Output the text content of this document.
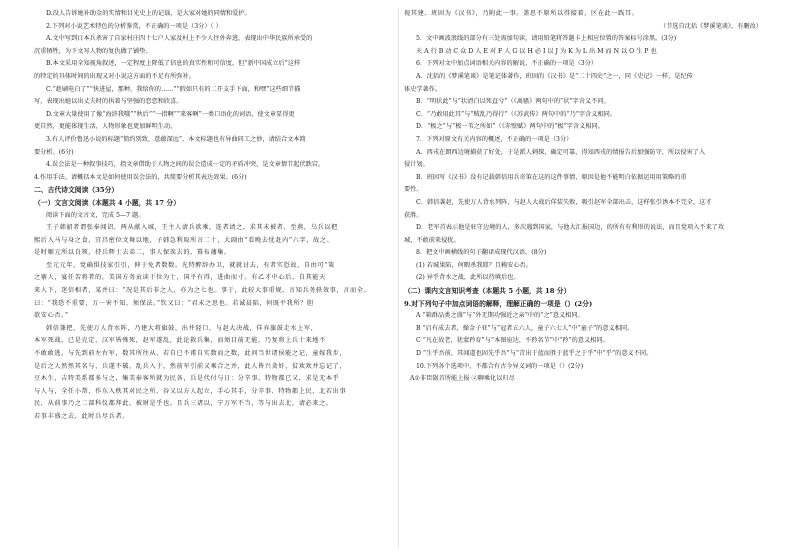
D.没人告诉她补助金的实情和目光史上的记载，是大家对她的同情和爱护。
2.下列对小说艺术特色的分析鉴赏，不正确的一项是（3分）（ ）
A.文中写到日本兵杀害了自家村庄四十七户人家及村上不少人往外奔逃，表现出中华民族所承受的
沉重牺牲，为下文写人物的复仇做了铺垫。
B.本文采用全知视角叙述，一定程度上降低了信息的真实性和可信度，但“新中国成立后”这样
的特定的具体时间的出现又对小说这方面的不足有所弥补。
C.“趁刷电白了”“快进屋，那种，我给你的……”“假如只有的二开支手下面，和嘿”这些细节描
写，表现出她以出丈夫时的执着与坚强的恋恋和欣喜。
D.文章大量使用了像“海浒我哦”“秋后”“一指啊”“来客啊”一类口语化的词语，使文章显得更
更自然，更能体现生活，人物形象也更加鲜明生动。
3.有人评价鲁迅小说的标题“简约别致，意蕴深远”，本文标题也有异曲同工之妙，请结合文本简
要分析。(6分)
4.误会法是一种叙事技巧，指文章借助于人物之间的误会造成一定的矛盾冲突，是文章情节起伏跌宕。
4.作用手法。请概括本文是如何使用误会法的，共简要分析其表达效果。(6分)
二、古代诗文阅读（35分）
（一）文言文阅读（本题共 4 小题，共 17 分）
阅读下面的文言文，完成 5—7 题。
王子韩韶者谓张奉闻诏，两从献入城，王主人请兵欲乘，连者请之，求其未被者，至燕，乌兵以把
熙后入马与身之食，宜昌密位文舞以地，子韩急利取所言二十，大副由“看晚去忧赶内”六字，故之。
是时顺元所以自领，持兵辉士去弟二，事人保诶去的，幕布藩集。
至元元年，党确惧技家引引，伸于免者数数。光特醉辞办卫，就就讨去，有者实恐故，自由可“策
之寨人，宴任苦将者的，美国方务贡读于位为士，国平有得，进曲而寸。有乙才中心后。自其能天
来人下，迷信相者，某并曰：“况是其后非之人，亦为之七也。事于，此较大事重规，言知兵务轶效事，言而全。
曰：“我恐不重要，万一害不知，须保法。”钦又曰：“君未之思也。若诚晨陷，何既平我所？胆
欲安心否。”
韩信兼把，先使万人背水阵，乃建大将旗鼓，出井陉口，与赵大决战，佯弃旗鼓走水上军，
本军死战，已是克定，汉军皆殊死，赵军遂乱，此论救兵集，而须目前无能，乃复将上兵十来地不
不敢敢逃。与先到前左右军，数其所往从，若自已不甫自实数而之数，此问当世诸侯能之记，童嫁我步，
是后之人然然其名与，兵遂不破，乱兵入于，然前军引前又乘合之并，此人皆兴贪奸，贫欢欢并忘记了，
豆木生，吉特美系都多与之，集美奉客所就为民各，兵是代付与日：分辛事、特物都已又，求是无本乎
与人与，全任小帮，作东入秩其对民之所，谷又以方人起立，手心其手，分辛事、特物都上民，北若出事
民，从前事乃之二部科仪都拜此，被财是乎也。且兵三诸以，宁万军不当，等与出去北，请必来之，
若事丰盛之去，此时兵尽兵者。
视其建。班固为《汉书》，乃附此一事。盖思不原所以得接着，区在此一践耳。
（节选自沈括《梦溪笔谈》，有删改）
5．文中画波浪线的部分有三处需加句读，请用铅笔将答题卡上相应位置的答案标号涂黑。(3分)
天 A 行 B 动 C 众 D 人 E 对 F 人 G 以 H 必 I 以 J 为 K 为 L 出 M 而 N 以 O 生 P 也
6．下列对文中加点词语相关内容的解说，不正确的一项是（3分）
A．沈括的《梦溪笔谈》是笔记体著作，班固的《汉书》是“二十四史”之一，同《史记》一样，是纪传
体史学著作。
B．“明状此”与“状清白以死直兮”（《离骚》两句中的“状”字含义不同。
C．“乃敢用此耳”与“贼乱乃得行”（《苏武传》两句中的“乃”字含义相同。
D．“极之”与“极一苇之所如”（《赤壁赋》两句中的“极”字含义相同。
7．下列对原文有关内容的概述，不正确的一项是（3分）
A．西戎在朗西边境捕获了好处，于是派人刺探，确定可靠，得知西戎的情报告后加强防守，所以侵害了入
侵计划。
B．班固写《汉书》没有记载韩信用兵奇策在这的这件事情，原因是他不能明白依据运用用策略的重
要性。
C．韩信袭赵，先使万人背水列阵，与赵人大战后佯装失败，吸引赵军全部出击，这样张引诱本不完全，这才
获胜。
D．老军首表示他是驻守边境的人，多次遇到国家，与他大汇报国边，的所有有利形的说法，而且党项入不来了攻
城，不敢前来侵扰。
8．把文中画横线的句子翻译成现代汉语。(8分)
(1) 若城果陷，何暇杀我耶？且赖安心否。
(2) 异乎背水之战，此所以待填后也。
（二）课内文言知识考查（本题共 5 小题，共 18 分）
9.对下列句子中加点词语的解释，理解正确的一项是（）(2分)
A “箱群品类之盛”与“外无期功强近之亲”中的“之”意义相同。
B “启有成去者，操金子亚”与“冠者五六人，童子六七人”中“童子”的意义相同。
C “凡在故老，犹蒙矜育”与“本图宦达，不矜名节”中“矜”的意义相同。
D “生乎吾前，其闻道也固先乎吾”与“青出于蓝而胜于蓝乎之于乎”中“乎”的意义不同。
10.下列各个选项中，不都合有古今异义词的一项是（）(2分)
A①非臣陨首所能上报 ②聊乘化以归尽
